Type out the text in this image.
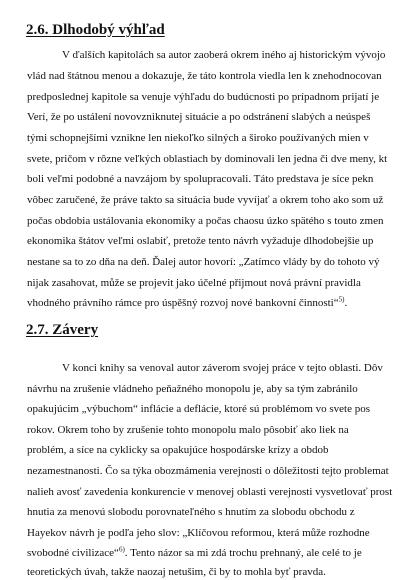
2.6. Dlhodobý výhľad

V ďalších kapitolách sa autor zaoberá okrem iného aj historickým vývojo

vlád nad štátnou menou a dokazuje, že táto kontrola viedla len k znehodnocovan

predposlednej kapitole sa venuje výhľadu do budúcnosti po prípadnom prijatí je

Verí, že po ustálení novovzniknutej situácie a po odstránení slabých a neúspeš

tými schopnejšími vznikne len niekoľko silných a široko používaných mien v

svete, pričom v rôzne veľkých oblastiach by dominovali len jedna či dve meny, kt

boli veľmi podobné a navzájom by spolupracovali. Táto predstava je síce pekn

vôbec zaručené, že práve takto sa situácia bude vyvíjať a okrem toho ako som už

počas obdobia ustálovania ekonomiky a počas chaosu úzko spätého s touto zmen

ekonomika štátov veľmi oslabiť, pretože tento návrh vyžaduje dlhodobejšie up

nestane sa to zo dňa na deň. Ďalej autor hovorí: „Zatímco vlády by do tohoto vý

nijak zasahovat, může se projevit jako účelné přijmout nová právní pravidla

vhodného právního rámce pro úspěšný rozvoj nové bankovní činnosti“$^{5)}$.

2.7. Závery

V konci knihy sa venoval autor záverom svojej práce v tejto oblasti. Dôv

návrhu na zrušenie vládneho peňažného monopolu je, aby sa tým zabránilo

opakujúcim „výbuchom“ inflácie a deflácie, ktoré sú problémom vo svete pos

rokov. Okrem toho by zrušenie tohto monopolu malo pôsobiť ako liek na

problém, a síce na cyklicky sa opakujúce hospodárske krízy a obdob

nezamestnanosti. Čo sa týka obozmámenia verejnosti o dôležitosti tejto problemat

nalieh avosť zavedenia konkurencie v menovej oblasti verejnosti vysvetlovať prost

hnutia za menovú slobodu porovnateľného s hnutím za slobodu obchodu z

Hayekov návrh je podľa jeho slov: „Klíčovou reformou, která může rozhodne

svobodné civilizace“$^{6)}$. Tento názor sa mi zdá trochu prehnaný, ale celé to je

teoretických úvah, takže naozaj netušim, či by to mohla byť pravda.
